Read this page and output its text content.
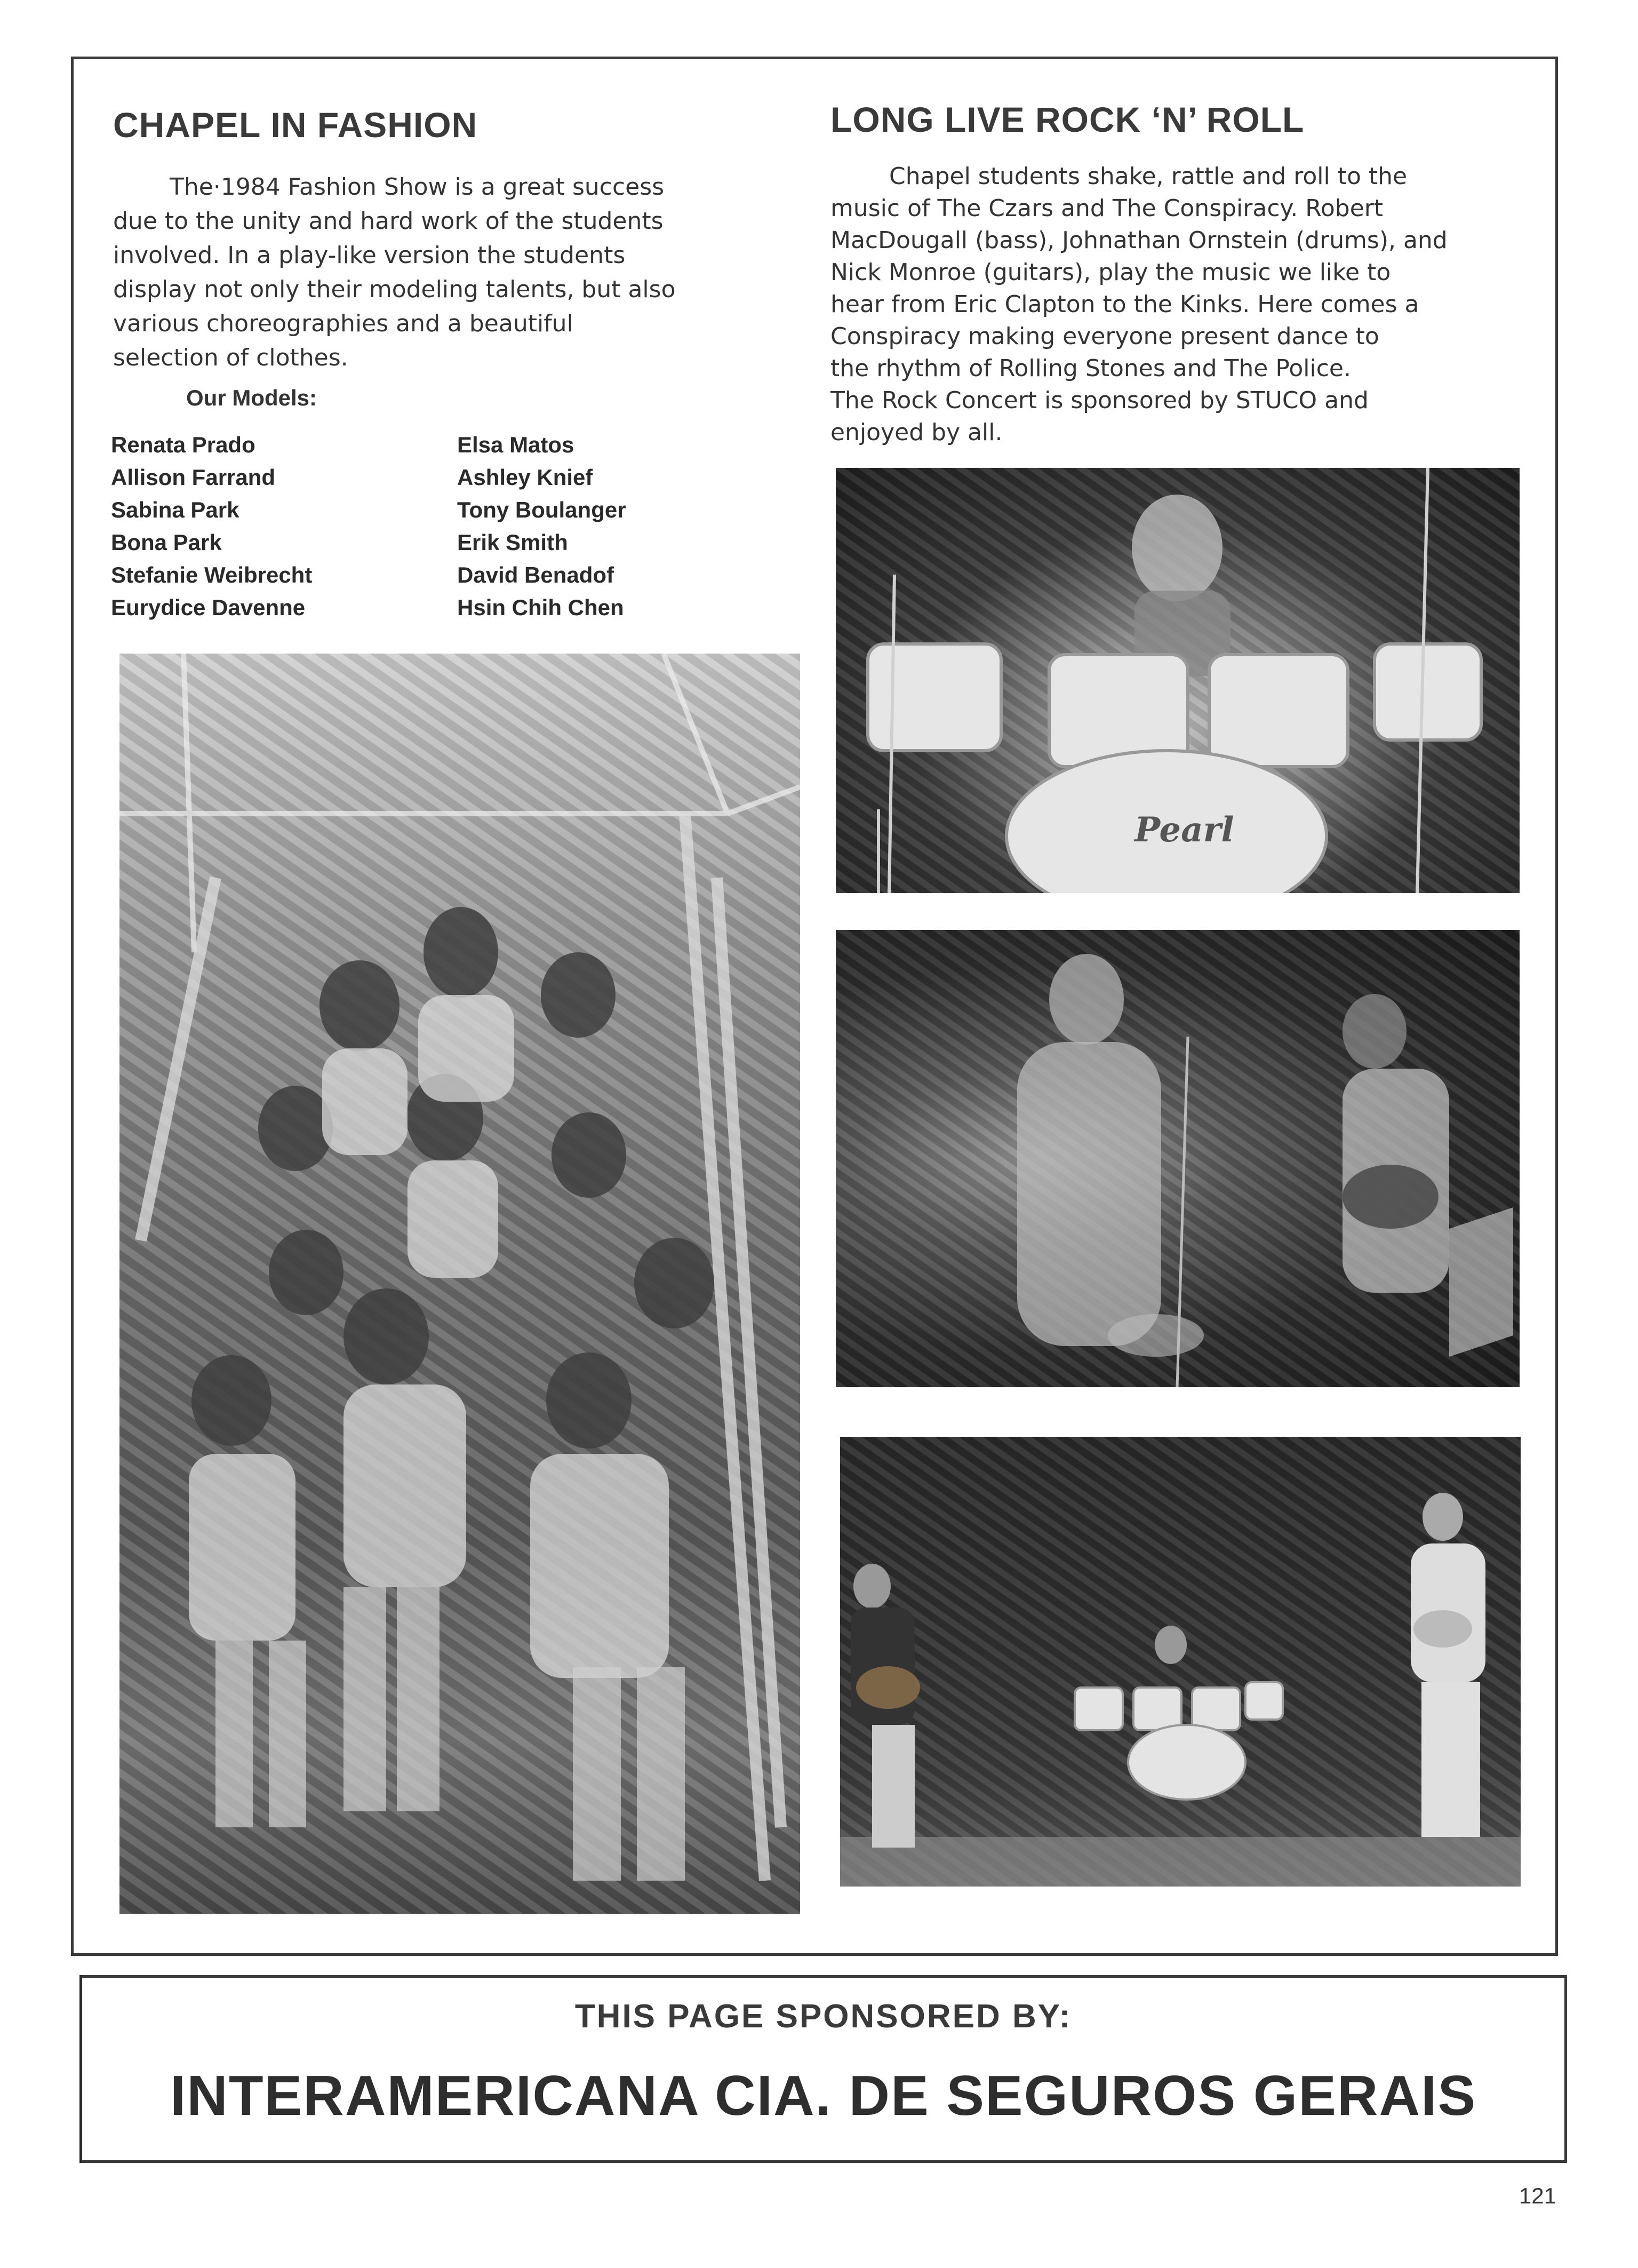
CHAPEL IN FASHION

The·1984 Fashion Show is a great success

due to the unity and hard work of the students

involved. In a play-like version the students

display not only their modeling talents, but also

various choreographies and a beautiful

selection of clothes.

Our Models:

Renata Prado
Allison Farrand
Sabina Park
Bona Park
Stefanie Weibrecht
Eurydice Davenne
Elsa Matos
Ashley Knief
Tony Boulanger
Erik Smith
David Benadof
Hsin Chih Chen
LONG LIVE ROCK ‘N’ ROLL

Chapel students shake, rattle and roll to the

music of The Czars and The Conspiracy. Robert

MacDougall (bass), Johnathan Ornstein (drums), and

Nick Monroe (guitars), play the music we like to

hear from Eric Clapton to the Kinks. Here comes a

Conspiracy making everyone present dance to

the rhythm of Rolling Stones and The Police.

The Rock Concert is sponsored by STUCO and

enjoyed by all.

Pearl

THIS PAGE SPONSORED BY:

INTERAMERICANA CIA. DE SEGUROS GERAIS

121
